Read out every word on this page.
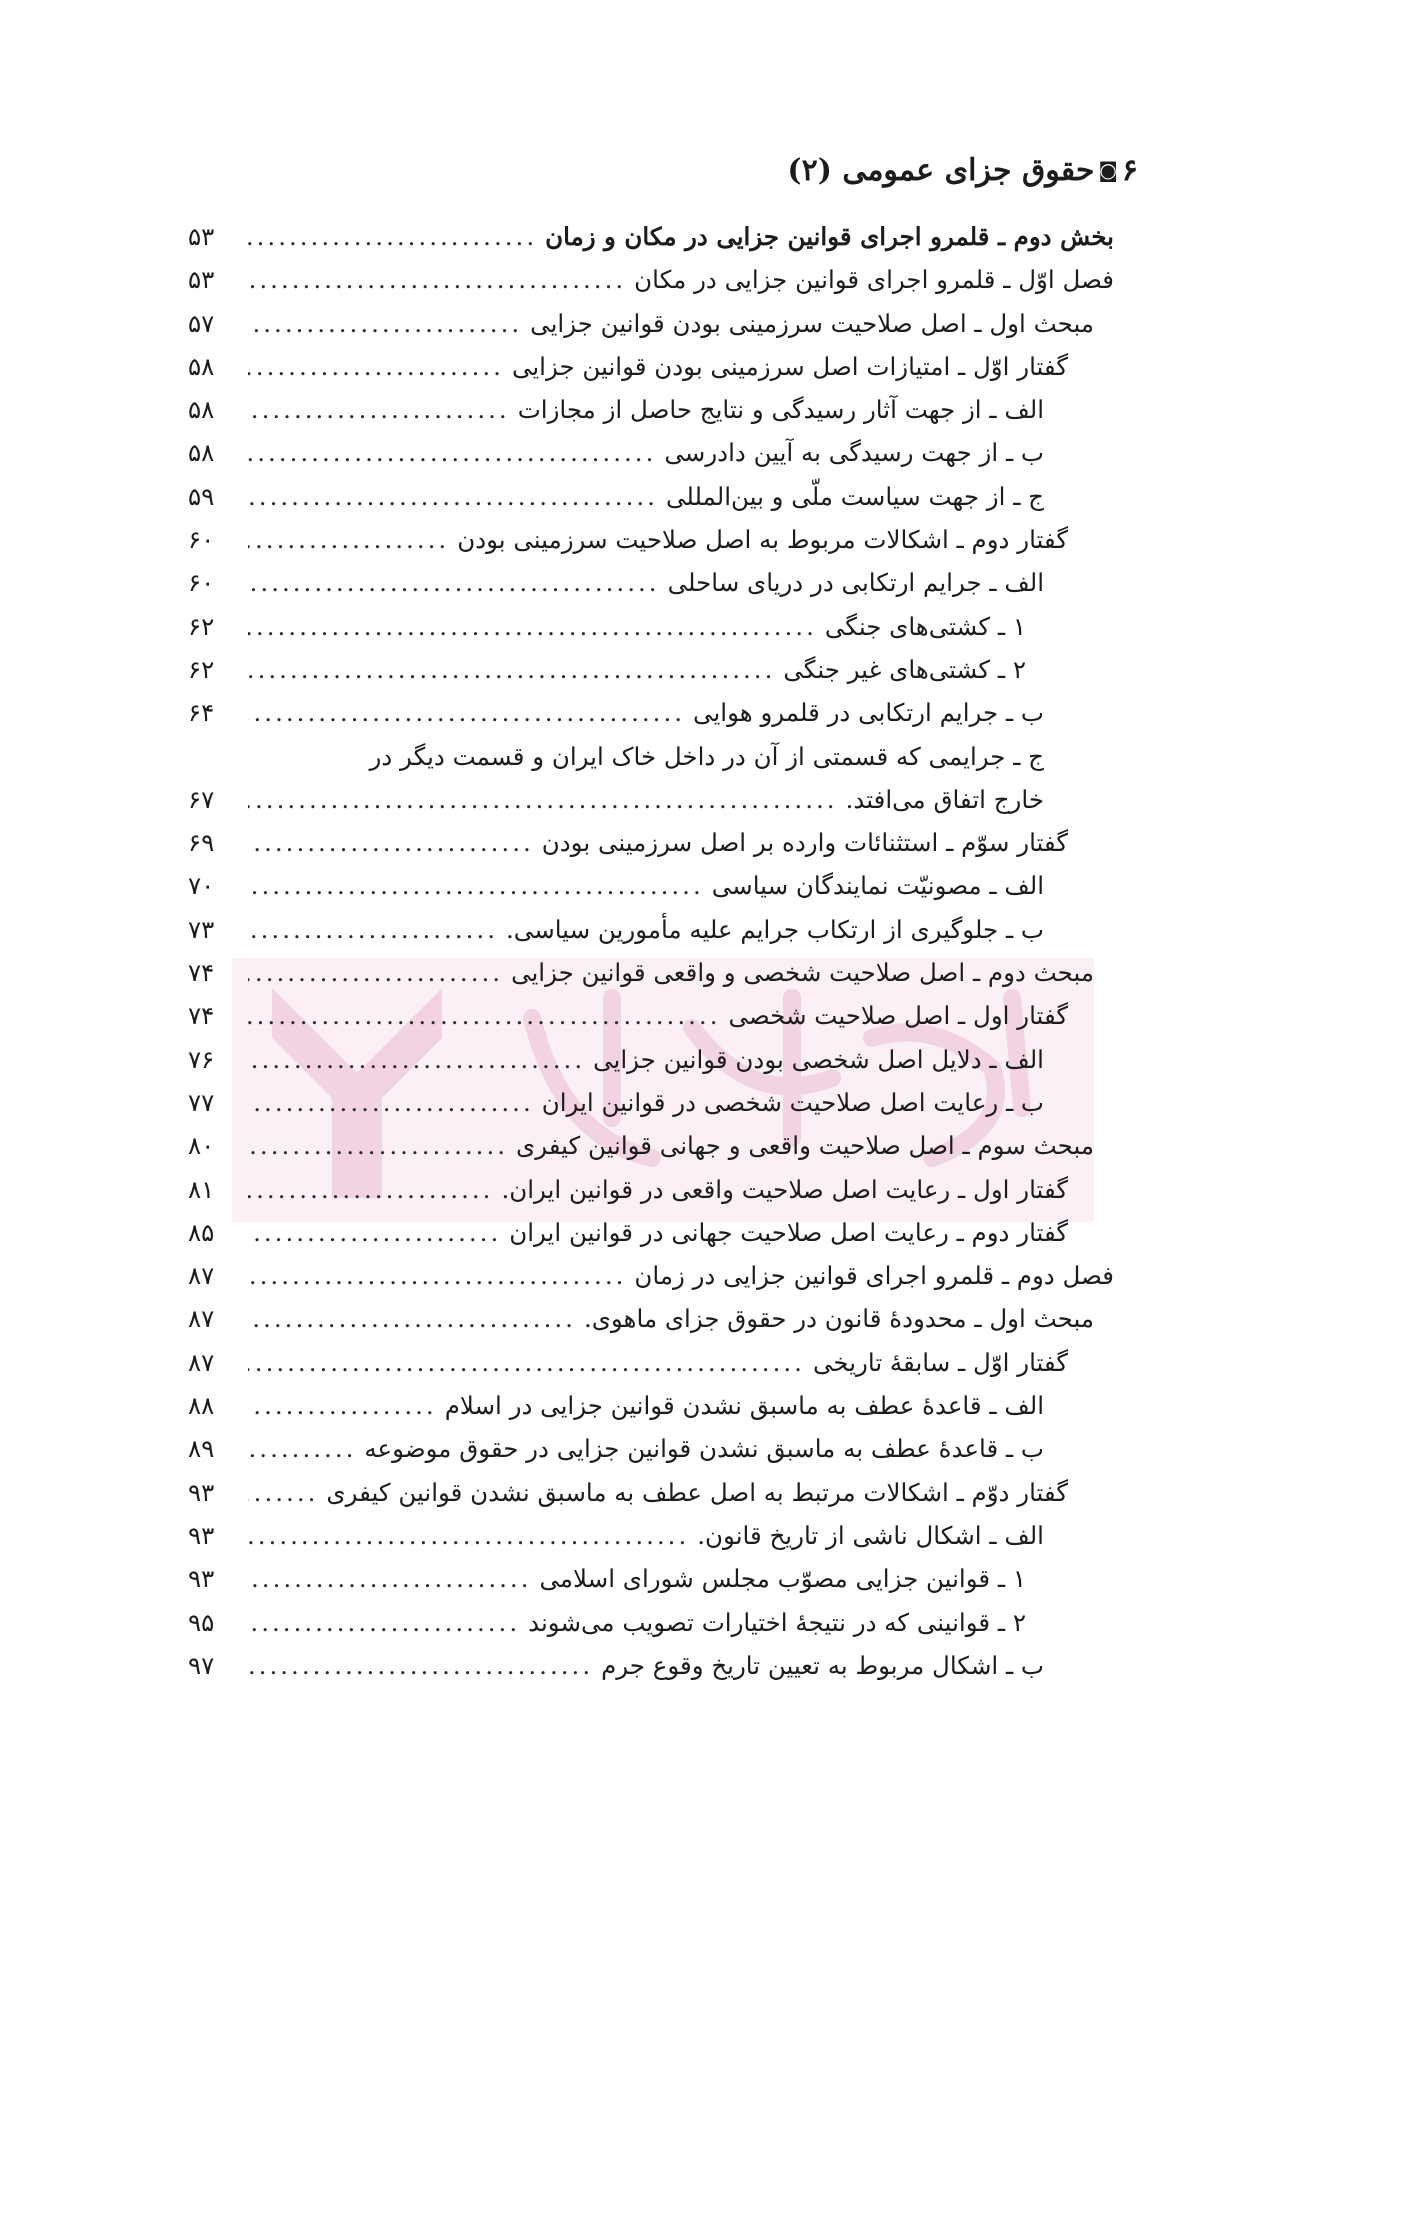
۶◙حقوق جزای عمومی (۲)
بخش دوم ـ قلمرو اجرای قوانین جزایی در مکان و زمان
.....
۵۳
فصل اوّل ـ قلمرو اجرای قوانین جزایی در مکان
.....
۵۳
مبحث اول ـ اصل صلاحیت سرزمینی بودن قوانین جزایی
.....
۵۷
گفتار اوّل ـ امتیازات اصل سرزمینی بودن قوانین جزایی
.....
۵۸
الف ـ از جهت آثار رسیدگی و نتایج حاصل از مجازات
.....
۵۸
ب ـ از جهت رسیدگی به آیین دادرسی
.....
۵۸
ج ـ از جهت سیاست ملّی و بین‌المللی
.....
۵۹
گفتار دوم ـ اشکالات مربوط به اصل صلاحیت سرزمینی بودن
.....
۶۰
الف ـ جرایم ارتکابی در دریای ساحلی
.....
۶۰
۱ ـ کشتی‌های جنگی
.....
۶۲
۲ ـ کشتی‌های غیر جنگی
.....
۶۲
ب ـ جرایم ارتکابی در قلمرو هوایی
.....
۶۴
ج ـ جرایمی که قسمتی از آن در داخل خاک ایران و قسمت دیگر در
خارج اتفاق می‌افتد.
.....
۶۷
گفتار سوّم ـ استثنائات وارده بر اصل سرزمینی بودن
.....
۶۹
الف ـ مصونیّت نمایندگان سیاسی
.....
۷۰
ب ـ جلوگیری از ارتکاب جرایم علیه مأمورین سیاسی.
.....
۷۳
مبحث دوم ـ اصل صلاحیت شخصی و واقعی قوانین جزایی
.....
۷۴
گفتار اول ـ اصل صلاحیت شخصی
.....
۷۴
الف ـ دلایل اصل شخصی بودن قوانین جزایی
.....
۷۶
ب ـ رعایت اصل صلاحیت شخصی در قوانین ایران
.....
۷۷
مبحث سوم ـ اصل صلاحیت واقعی و جهانی قوانین کیفری
.....
۸۰
گفتار اول ـ رعایت اصل صلاحیت واقعی در قوانین ایران.
.....
۸۱
گفتار دوم ـ رعایت اصل صلاحیت جهانی در قوانین ایران
.....
۸۵
فصل دوم ـ قلمرو اجرای قوانین جزایی در زمان
.....
۸۷
مبحث اول ـ محدودهٔ قانون در حقوق جزای ماهوی.
.....
۸۷
گفتار اوّل ـ سابقهٔ تاریخی
.....
۸۷
الف ـ قاعدهٔ عطف به ماسبق نشدن قوانین جزایی در اسلام
.....
۸۸
ب ـ قاعدهٔ عطف به ماسبق نشدن قوانین جزایی در حقوق موضوعه
.....
۸۹
گفتار دوّم ـ اشکالات مرتبط به اصل عطف به ماسبق نشدن قوانین کیفری
.....
۹۳
الف ـ اشکال ناشی از تاریخ قانون.
.....
۹۳
۱ ـ قوانین جزایی مصوّب مجلس شورای اسلامی
.....
۹۳
۲ ـ قوانینی که در نتیجهٔ اختیارات تصویب می‌شوند
.....
۹۵
ب ـ اشکال مربوط به تعیین تاریخ وقوع جرم
.....
۹۷
